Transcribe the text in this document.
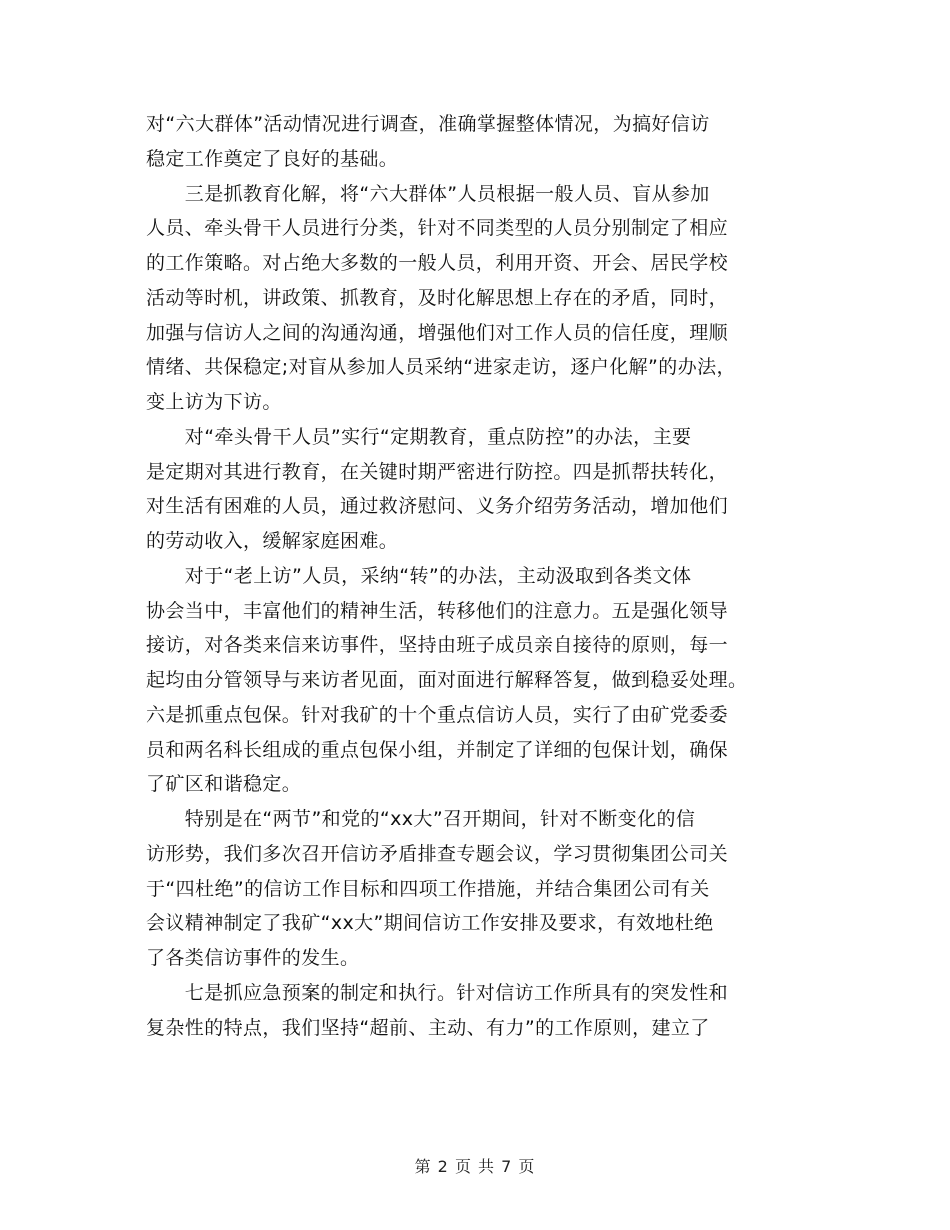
对“六大群体”活动情况进行调查，准确掌握整体情况，为搞好信访
稳定工作奠定了良好的基础。
　　三是抓教育化解，将“六大群体”人员根据一般人员、盲从参加
人员、牵头骨干人员进行分类，针对不同类型的人员分别制定了相应
的工作策略。对占绝大多数的一般人员，利用开资、开会、居民学校
活动等时机，讲政策、抓教育，及时化解思想上存在的矛盾，同时，
加强与信访人之间的沟通沟通，增强他们对工作人员的信任度，理顺
情绪、共保稳定;对盲从参加人员采纳“进家走访，逐户化解”的办法，
变上访为下访。
　　对“牵头骨干人员”实行“定期教育，重点防控”的办法，主要
是定期对其进行教育，在关键时期严密进行防控。四是抓帮扶转化，
对生活有困难的人员，通过救济慰问、义务介绍劳务活动，增加他们
的劳动收入，缓解家庭困难。
　　对于“老上访”人员，采纳“转”的办法，主动汲取到各类文体
协会当中，丰富他们的精神生活，转移他们的注意力。五是强化领导
接访，对各类来信来访事件，坚持由班子成员亲自接待的原则，每一
起均由分管领导与来访者见面，面对面进行解释答复，做到稳妥处理。
六是抓重点包保。针对我矿的十个重点信访人员，实行了由矿党委委
员和两名科长组成的重点包保小组，并制定了详细的包保计划，确保
了矿区和谐稳定。
　　特别是在“两节”和党的“xx大”召开期间，针对不断变化的信
访形势，我们多次召开信访矛盾排查专题会议，学习贯彻集团公司关
于“四杜绝”的信访工作目标和四项工作措施，并结合集团公司有关
会议精神制定了我矿“xx大”期间信访工作安排及要求，有效地杜绝
了各类信访事件的发生。
　　七是抓应急预案的制定和执行。针对信访工作所具有的突发性和
复杂性的特点，我们坚持“超前、主动、有力”的工作原则，建立了
第 2 页 共 7 页
